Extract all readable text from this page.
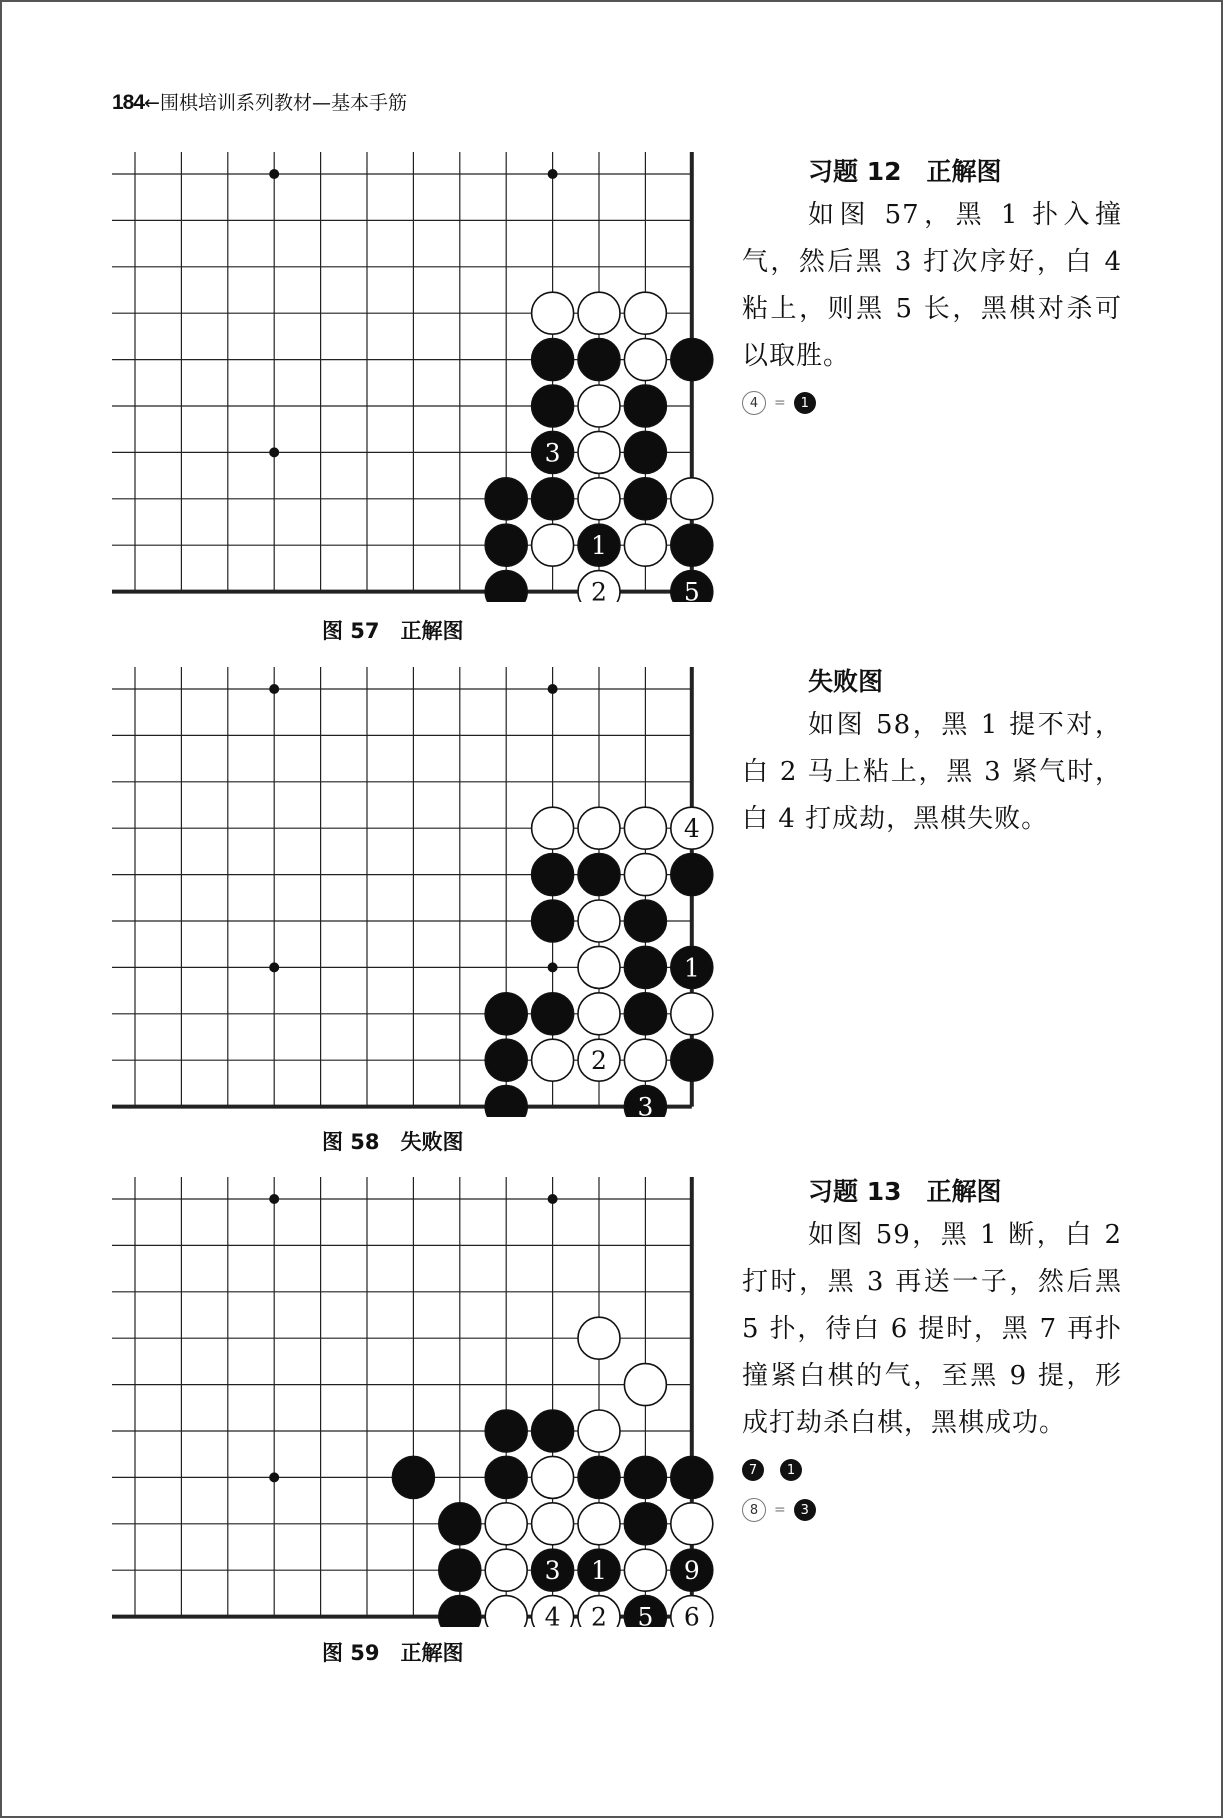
184←围棋培训系列教材—基本手筋
3
1
2	5
图 57　正解图
习题 12　正解图

如图 57，黑 1 扑入撞气，然后黑 3 打次序好，白 4 粘上，则黑 5 长，黑棋对杀可以取胜。

4	=	1
4
1
2
3
图 58　失败图
失败图

如图 58，黑 1 提不对，白 2 马上粘上，黑 3 紧气时，白 4 打成劫，黑棋失败。

3 1	9
4 2 5 6
图 59　正解图
习题 13　正解图

如图 59，黑 1 断，白 2 打时，黑 3 再送一子，然后黑 5 扑，待白 6 提时，黑 7 再扑撞紧白棋的气，至黑 9 提，形成打劫杀白棋，黑棋成功。

7	1
8	=	3
